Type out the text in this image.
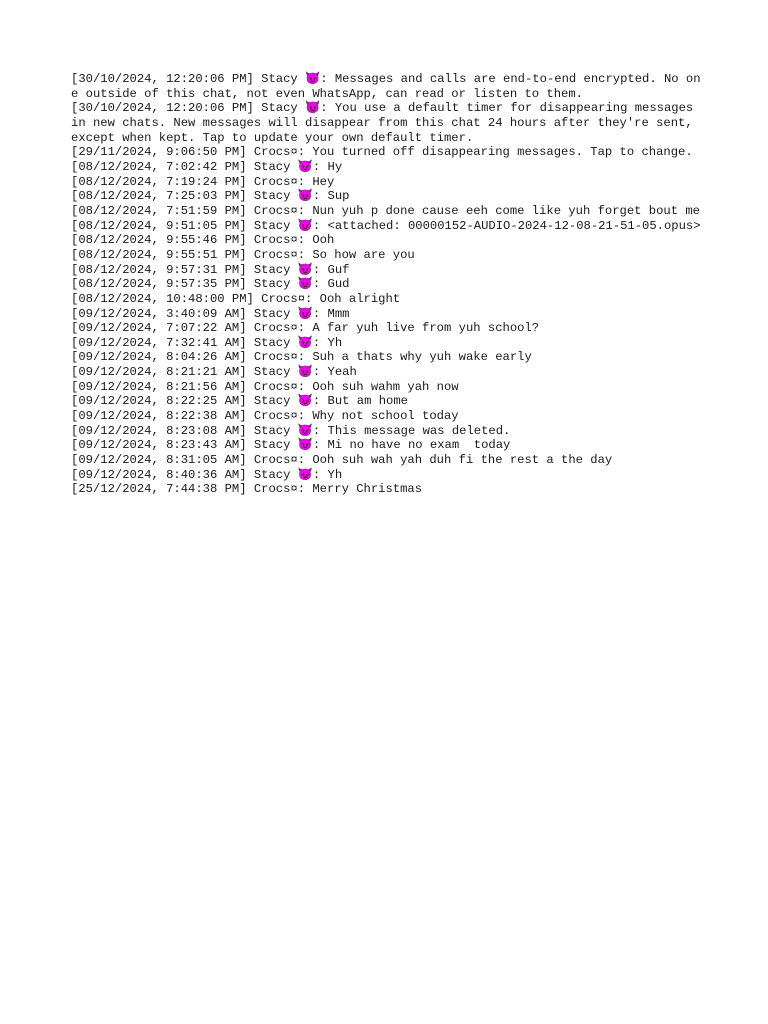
[30/10/2024, 12:20:06 PM] Stacy 😈: Messages and calls are end-to-end encrypted. No one outside of this chat, not even WhatsApp, can read or listen to them.
[30/10/2024, 12:20:06 PM] Stacy 😈: You use a default timer for disappearing messages in new chats. New messages will disappear from this chat 24 hours after they're sent, except when kept. Tap to update your own default timer.
[29/11/2024, 9:06:50 PM] Crocs¤: You turned off disappearing messages. Tap to change.
[08/12/2024, 7:02:42 PM] Stacy 😈: Hy
[08/12/2024, 7:19:24 PM] Crocs¤: Hey
[08/12/2024, 7:25:03 PM] Stacy 😈: Sup
[08/12/2024, 7:51:59 PM] Crocs¤: Nun yuh p done cause eeh come like yuh forget bout me
[08/12/2024, 9:51:05 PM] Stacy 😈: <attached: 00000152-AUDIO-2024-12-08-21-51-05.opus>
[08/12/2024, 9:55:46 PM] Crocs¤: Ooh
[08/12/2024, 9:55:51 PM] Crocs¤: So how are you
[08/12/2024, 9:57:31 PM] Stacy 😈: Guf
[08/12/2024, 9:57:35 PM] Stacy 😈: Gud
[08/12/2024, 10:48:00 PM] Crocs¤: Ooh alright
[09/12/2024, 3:40:09 AM] Stacy 😈: Mmm
[09/12/2024, 7:07:22 AM] Crocs¤: A far yuh live from yuh school?
[09/12/2024, 7:32:41 AM] Stacy 😈: Yh
[09/12/2024, 8:04:26 AM] Crocs¤: Suh a thats why yuh wake early
[09/12/2024, 8:21:21 AM] Stacy 😈: Yeah
[09/12/2024, 8:21:56 AM] Crocs¤: Ooh suh wahm yah now
[09/12/2024, 8:22:25 AM] Stacy 😈: But am home
[09/12/2024, 8:22:38 AM] Crocs¤: Why not school today
[09/12/2024, 8:23:08 AM] Stacy 😈: This message was deleted.
[09/12/2024, 8:23:43 AM] Stacy 😈: Mi no have no exam  today
[09/12/2024, 8:31:05 AM] Crocs¤: Ooh suh wah yah duh fi the rest a the day
[09/12/2024, 8:40:36 AM] Stacy 😈: Yh
[25/12/2024, 7:44:38 PM] Crocs¤: Merry Christmas
